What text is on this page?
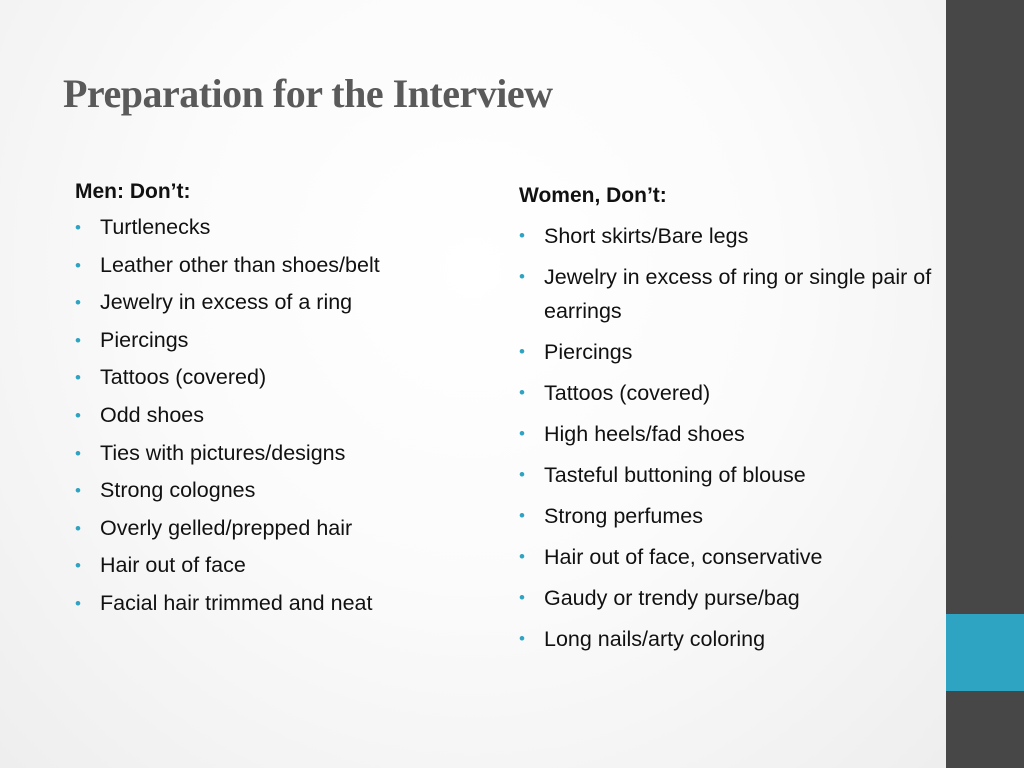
Preparation for the Interview
Men: Don’t:
• Turtlenecks
• Leather other than shoes/belt
• Jewelry in excess of a ring
• Piercings
• Tattoos (covered)
• Odd shoes
• Ties with pictures/designs
• Strong colognes
• Overly gelled/prepped hair
• Hair out of face
• Facial hair trimmed and neat
Women, Don’t:
• Short skirts/Bare legs
• Jewelry in excess of ring or single pair of earrings
• Piercings
• Tattoos (covered)
• High heels/fad shoes
• Tasteful buttoning of blouse
• Strong perfumes
• Hair out of face, conservative
• Gaudy or trendy purse/bag
• Long nails/arty coloring
